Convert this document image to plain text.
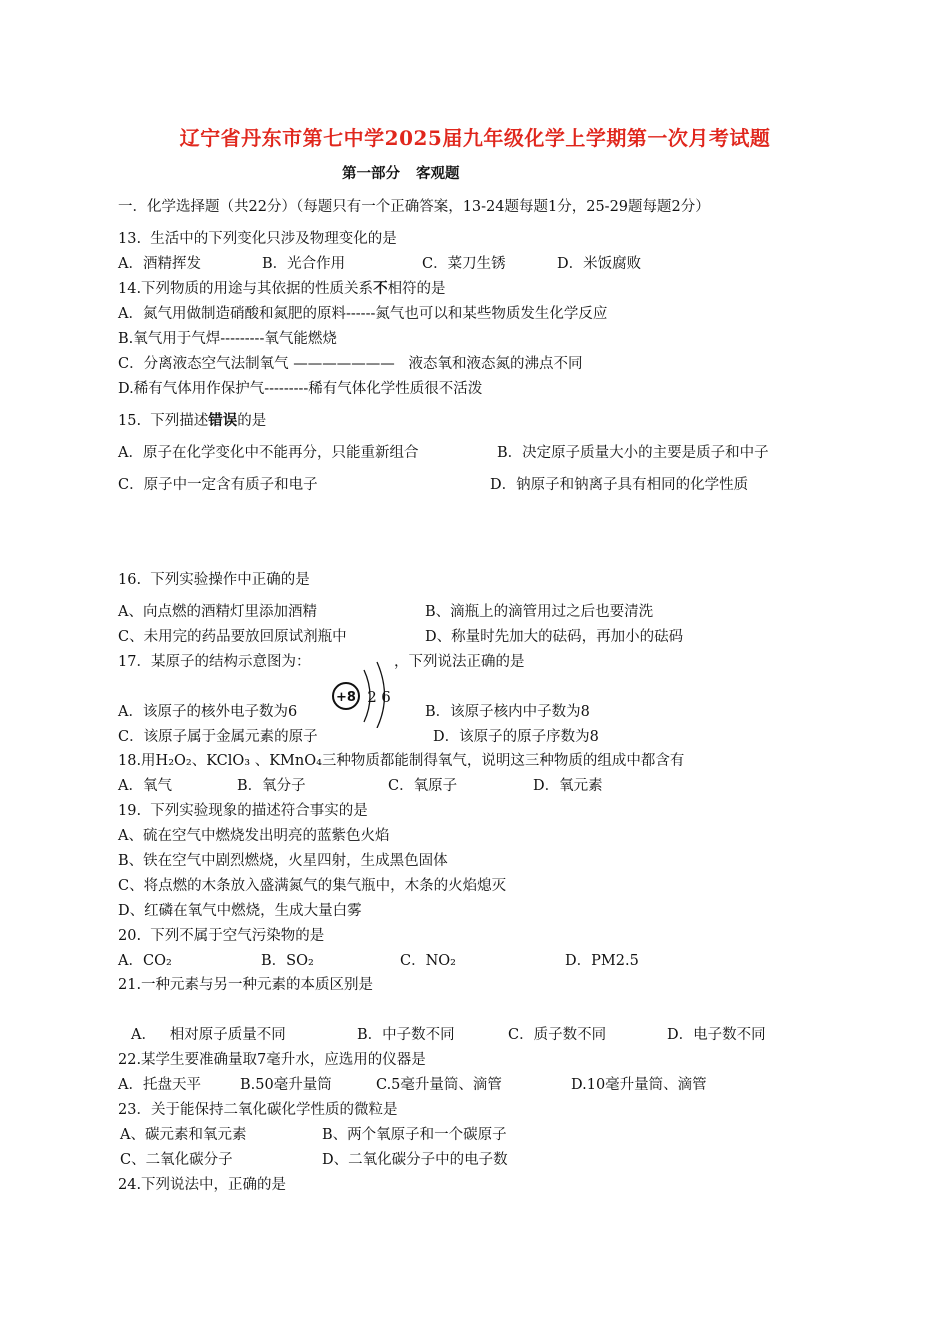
辽宁省丹东市第七中学2025届九年级化学上学期第一次月考试题
第一部分 客观题
一．化学选择题（共22分）（每题只有一个正确答案，13-24题每题1分，25-29题每题2分）
13.  生活中的下列变化只涉及物理变化的是
A．酒精挥发	B．光合作用	C．菜刀生锈	D．米饭腐败
14.下列物质的用途与其依据的性质关系不相符的是
A．氮气用做制造硝酸和氮肥的原料------氮气也可以和某些物质发生化学反应
B.氧气用于气焊---------氧气能燃烧
C．分离液态空气法制氧气 ———————   液态氧和液态氮的沸点不同
D.稀有气体用作保护气---------稀有气体化学性质很不活泼
15.  下列描述错误的是
A．原子在化学变化中不能再分，只能重新组合	B．决定原子质量大小的主要是质子和中子
C．原子中一定含有质子和电子	D．钠原子和钠离子具有相同的化学性质
16.  下列实验操作中正确的是
A、向点燃的酒精灯里添加酒精	B、滴瓶上的滴管用过之后也要清洗
C、未用完的药品要放回原试剂瓶中	D、称量时先加大的砝码，再加小的砝码
17．某原子的结构示意图为：	，下列说法正确的是
+8 2 6
A．该原子的核外电子数为6	B．该原子核内中子数为8
C．该原子属于金属元素的原子	D．该原子的原子序数为8
18.用H₂O₂、KClO₃ 、KMnO₄三种物质都能制得氧气，说明这三种物质的组成中都含有
A．氧气	B．氧分子	C．氧原子	D．氧元素
19.  下列实验现象的描述符合事实的是
A、硫在空气中燃烧发出明亮的蓝紫色火焰
B、铁在空气中剧烈燃烧，火星四射，生成黑色固体
C、将点燃的木条放入盛满氮气的集气瓶中，木条的火焰熄灭
D、红磷在氧气中燃烧，生成大量白雾
20.  下列不属于空气污染物的是
A．CO₂	B．SO₂	C．NO₂	D．PM2.5
21.一种元素与另一种元素的本质区别是
A．   相对原子质量不同	B．中子数不同	C．质子数不同	D．电子数不同
22.某学生要准确量取7毫升水，应选用的仪器是
A．托盘天平	B.50毫升量筒	C.5毫升量筒、滴管	D.10毫升量筒、滴管
23．关于能保持二氧化碳化学性质的微粒是
A、碳元素和氧元素	B、两个氧原子和一个碳原子
C、二氧化碳分子	D、二氧化碳分子中的电子数
24.下列说法中，正确的是
